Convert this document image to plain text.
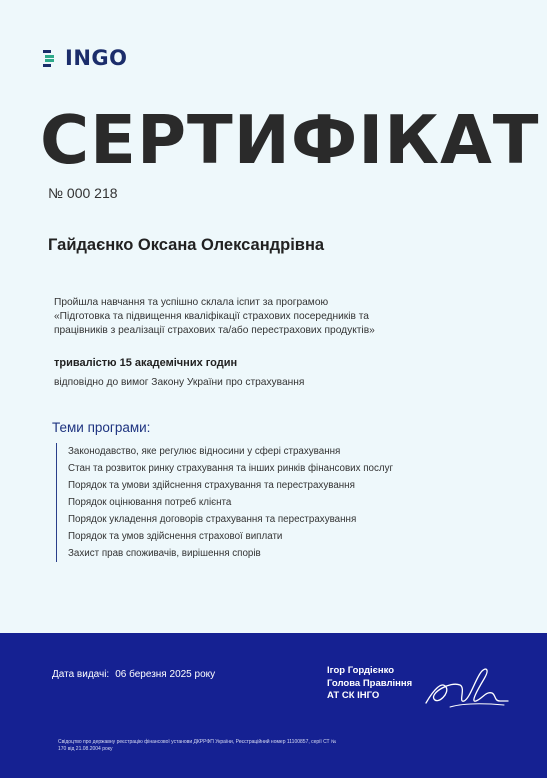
INGO
СЕРТИФІКАТ
№ 000 218
Гайдаєнко Оксана Олександрівна
Пройшла навчання та успішно склала іспит за програмою
«Підготовка та підвищення кваліфікації страхових посередників та
працівників з реалізації страхових та/або перестрахових продуктів»
тривалістю 15 академічних годин
відповідно до вимог Закону України про страхування
Теми програми:
Законодавство, яке регулює відносини у сфері страхування
Стан та розвиток ринку страхування та інших ринків фінансових послуг
Порядок та умови здійснення страхування та перестрахування
Порядок оцінювання потреб клієнта
Порядок укладення договорів страхування та перестрахування
Порядок та умов здійснення страхової виплати
Захист прав споживачів, вирішення спорів
Дата видачі: 06 березня 2025 року	Ігор Гордієнко
Голова Правління
АТ СК ІНГО
Свідоцтво про державну реєстрацію фінансової установи ДКРРФП України, Реєстраційний номер 11100857, серії СТ № 170 від 21.08.2004 року
